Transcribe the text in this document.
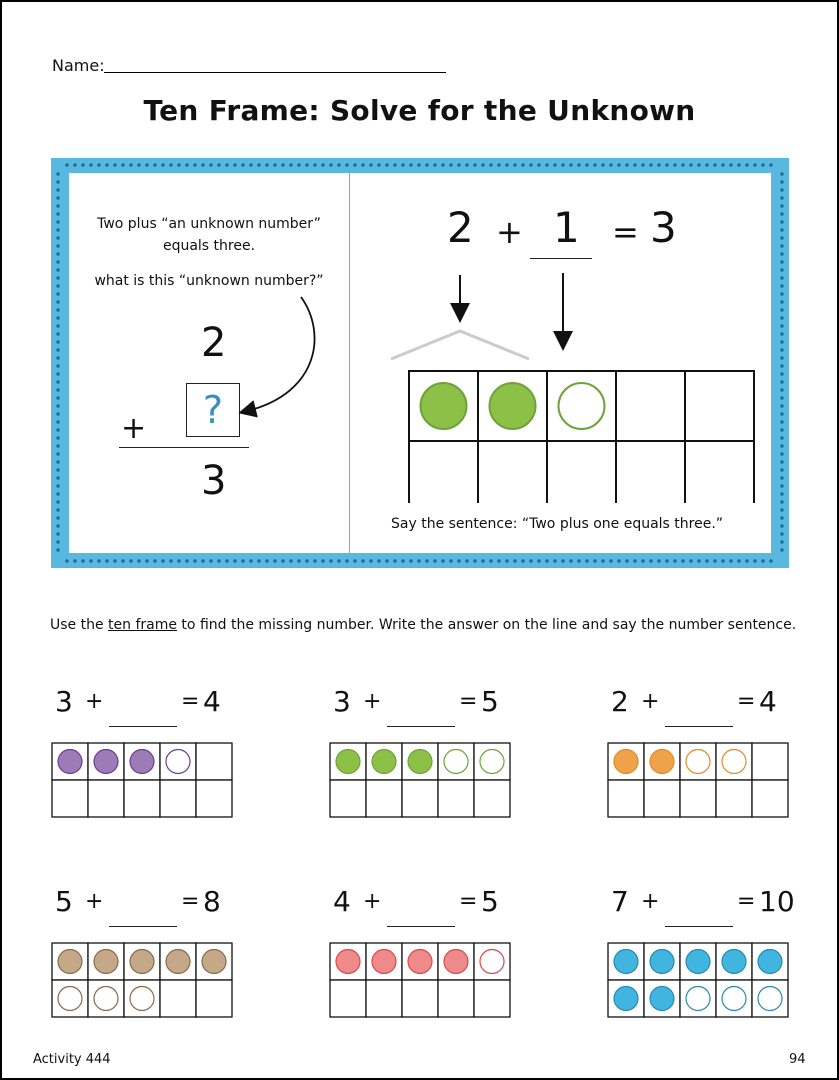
Name:
Ten Frame: Solve for the Unknown
Two plus “an unknown number”
equals three.
what is this “unknown number?”
2
+	?
3
2 + 1 = 3
Say the sentence: “Two plus one equals three.”
Use the ten frame to find the missing number. Write the answer on the line and say the number sentence.
3 +	= 4	3 +	= 5	2 +	= 4
5 +	= 8	4 +	= 5	7 +	= 10
Activity 444	94
